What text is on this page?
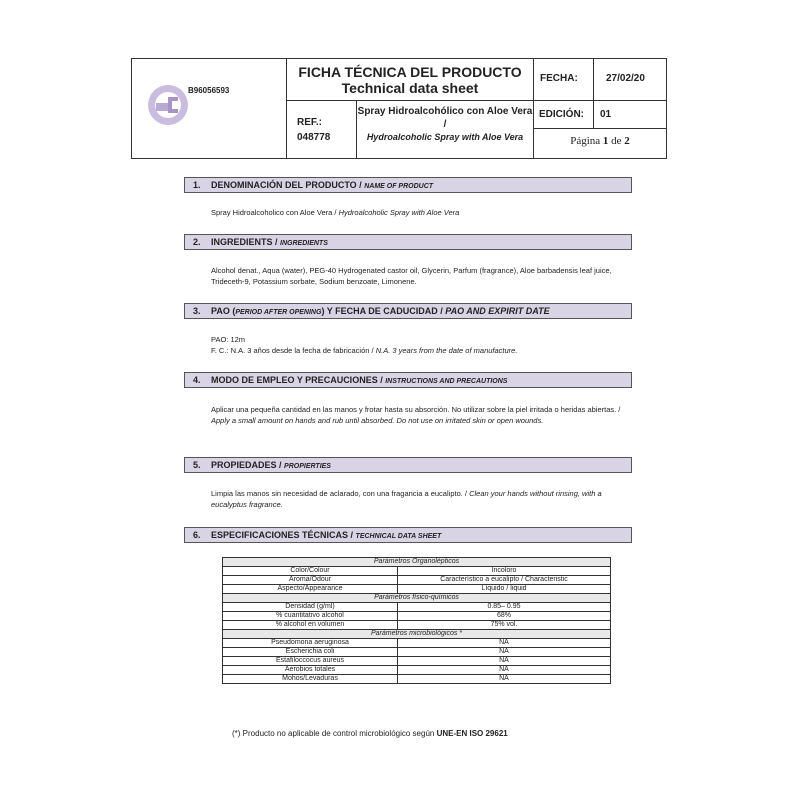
B96056593
FICHA TÉCNICA DEL PRODUCTO
Technical data sheet
REF.:
048778
Spray Hidroalcohólico con Aloe Vera /
Hydroalcoholic Spray with Aloe Vera
FECHA:	27/02/20
EDICIÓN: 01
Página 1 de 2
1. DENOMINACIÓN DEL PRODUCTO / NAME OF PRODUCT
Spray Hidroalcoholico con Aloe Vera / Hydroalcoholic Spray with Aloe Vera
2. INGREDIENTS / INGREDIENTS
Alcohol denat., Aqua (water), PEG-40 Hydrogenated castor oil, Glycerin, Parfum (fragrance), Aloe barbadensis leaf juice, Trideceth-9, Potassium sorbate, Sodium benzoate, Limonene.
3. PAO (PERIOD AFTER OPENING) Y FECHA DE CADUCIDAD / PAO AND EXPIRIT DATE
PAO: 12m
F. C.: N.A. 3 años desde la fecha de fabricación / N.A. 3 years from the date of manufacture.
4. MODO DE EMPLEO Y PRECAUCIONES / INSTRUCTIONS AND PRECAUTIONS
Aplicar una pequeña cantidad en las manos y frotar hasta su absorción. No utilizar sobre la piel irritada o heridas abiertas. / Apply a small amount on hands and rub until absorbed. Do not use on irritated skin or open wounds.
5. PROPIEDADES / PROPIERTIES
Limpia las manos sin necesidad de aclarado, con una fragancia a eucalipto. / Clean your hands without rinsing, with a eucalyptus fragrance.
6. ESPECIFICACIONES TÉCNICAS / TECHNICAL DATA SHEET
Parámetros Organolépticos	
Color/Colour	Incoloro
Aroma/Odour	Característico a eucalipto / Characteristic
Aspecto/Appearance	Líquido / liquid
Parámetros físico-químicos	
Densidad (g/ml)	0.85– 0.95
% cuantitativo alcohol	68%
% alcohol en volumen	75% vol.
Parámetros microbiológicos *	
Pseudomona aeruginosa	NA
Escherichia coli	NA
Estafiloccocus aureus	NA
Aerobios totales	NA
Mohos/Levaduras	NA
(*) Producto no aplicable de control microbiológico según UNE-EN ISO 29621
